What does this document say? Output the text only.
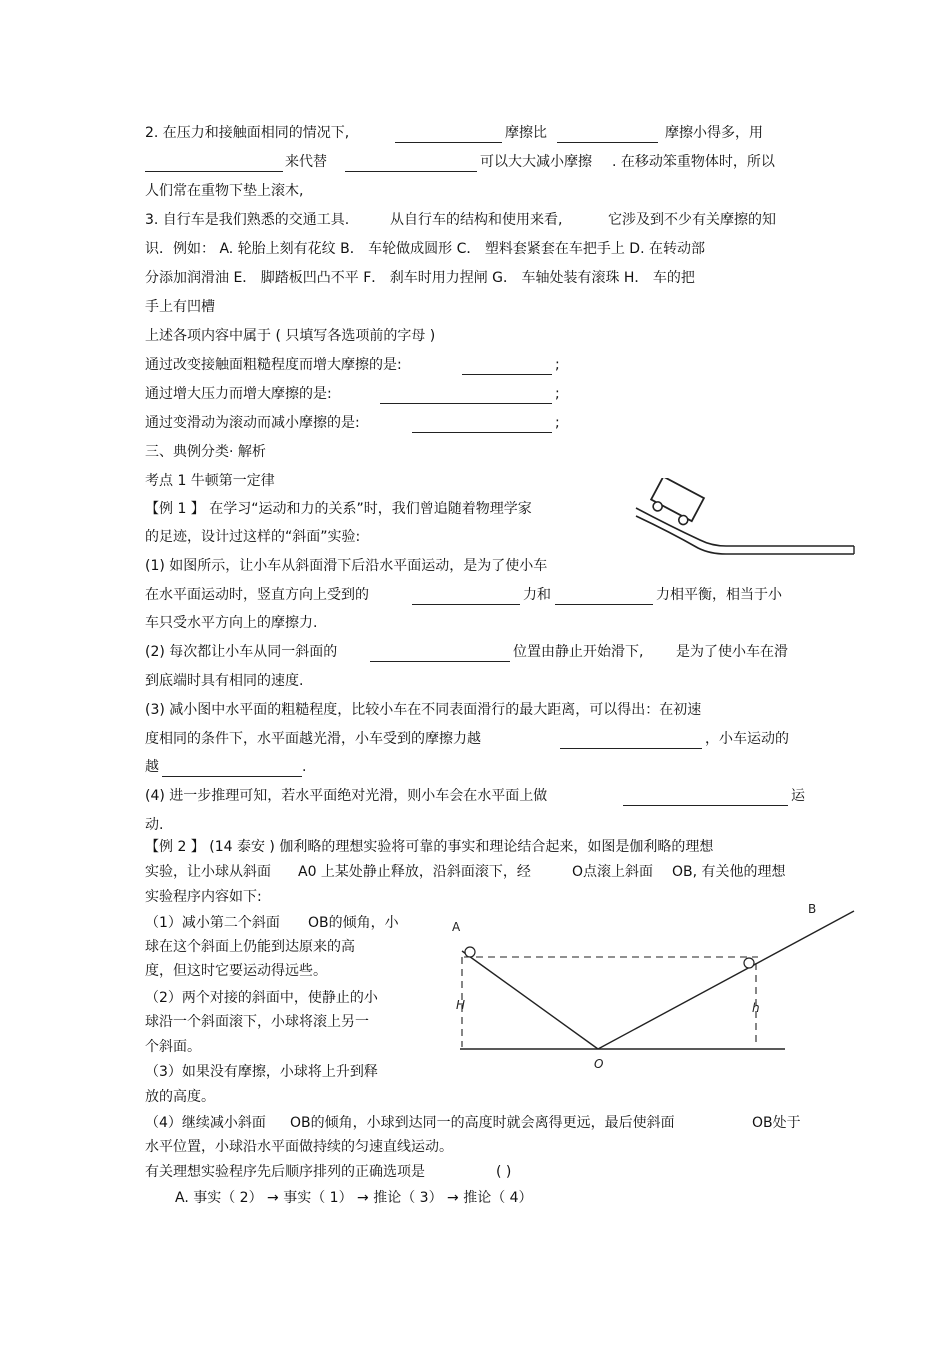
2. 在压力和接触面相同的情况下,	摩擦比	摩擦小得多，用
来代替	可以大大减小摩擦 . 在移动笨重物体时，所以
人们常在重物下垫上滚木,
3. 自行车是我们熟悉的交通工具.	从自行车的结构和使用来看,	它涉及到不少有关摩擦的知
识．例如： A. 轮胎上刻有花纹 B． 车轮做成圆形 C． 塑料套紧套在车把手上 D. 在转动部
分添加润滑油 E． 脚踏板凹凸不平 F． 刹车时用力捏闸 G． 车轴处装有滚珠 H． 车的把
手上有凹槽
上述各项内容中属于 ( 只填写各选项前的字母 )
通过改变接触面粗糙程度而增大摩擦的是:	;
通过增大压力而增大摩擦的是:	;
通过变滑动为滚动而减小摩擦的是:	;
三、典例分类· 解析
考点 1 牛顿第一定律
【例 1 】 在学习“运动和力的关系”时，我们曾追随着物理学家
的足迹，设计过这样的“斜面”实验:
(1) 如图所示，让小车从斜面滑下后沿水平面运动，是为了使小车
在水平面运动时，竖直方向上受到的	力和	力相平衡，相当于小
车只受水平方向上的摩擦力.
(2) 每次都让小车从同一斜面的	位置由静止开始滑下, 是为了使小车在滑
到底端时具有相同的速度.
(3) 减小图中水平面的粗糙程度，比较小车在不同表面滑行的最大距离，可以得出：在初速
度相同的条件下，水平面越光滑，小车受到的摩擦力越	，小车运动的
越	.
(4) 进一步推理可知，若水平面绝对光滑，则小车会在水平面上做	运
动.
【例 2 】 (14 泰安 ) 伽利略的理想实验将可靠的事实和理论结合起来，如图是伽利略的理想
实验，让小球从斜面 A0 上某处静止释放，沿斜面滚下，经	O点滚上斜面 OB, 有关他的理想
实验程序内容如下:
（1）减小第二个斜面 OB的倾角，小
球在这个斜面上仍能到达原来的高
度，但这时它要运动得远些。
（2）两个对接的斜面中，使静止的小
球沿一个斜面滚下，小球将滚上另一
个斜面。
（3）如果没有摩擦，小球将上升到释
放的高度。
（4）继续减小斜面 OB的倾角，小球到达同一的高度时就会离得更远，最后使斜面	OB处于
水平位置，小球沿水平面做持续的匀速直线运动。
有关理想实验程序先后顺序排列的正确选项是	( )
A. 事实（ 2） → 事实（ 1） → 推论（ 3） → 推论（ 4）
A
B
H	h
O
